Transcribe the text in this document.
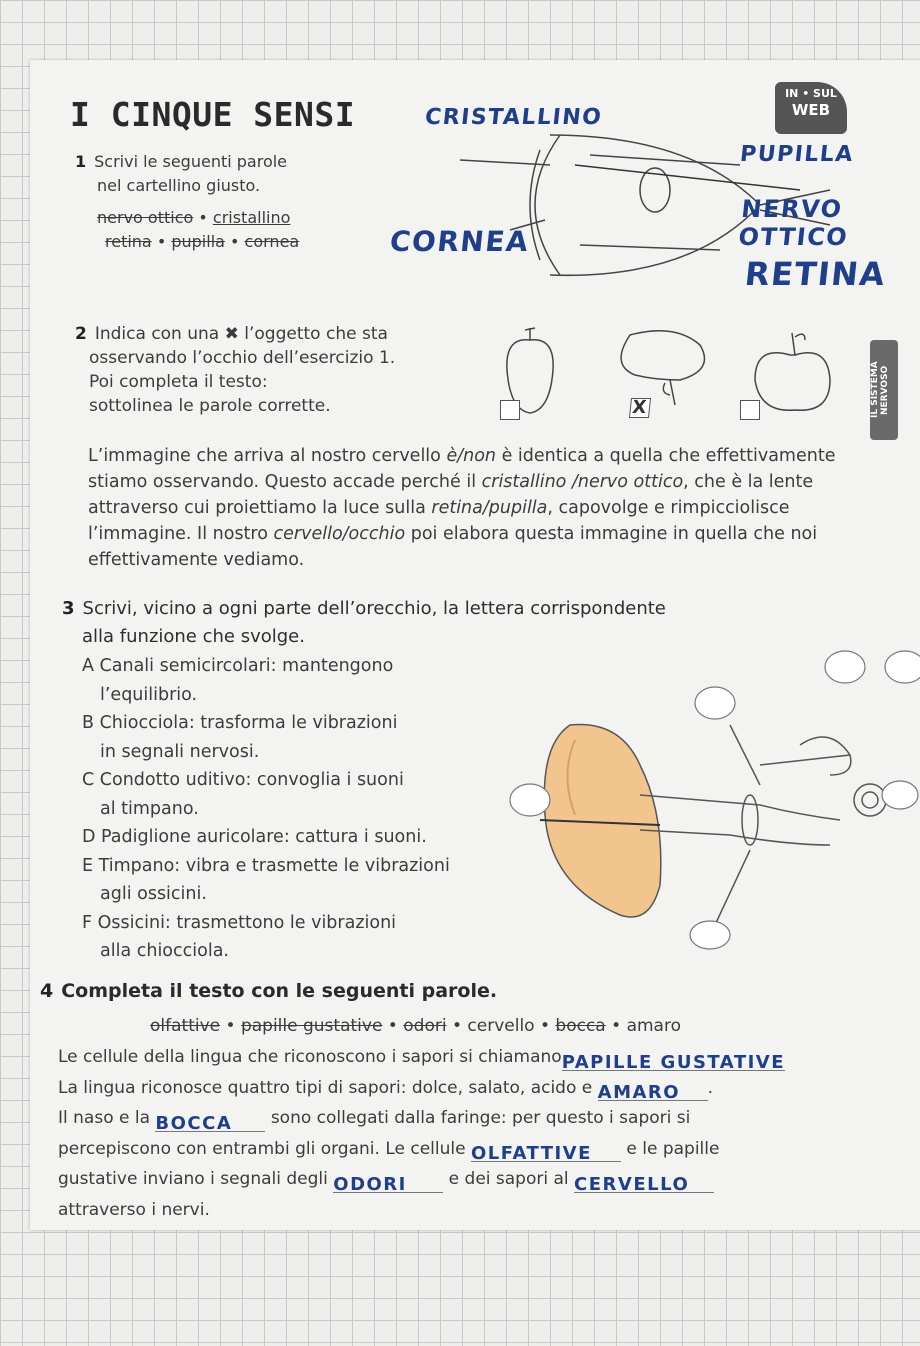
I CINQUE SENSI
IN • SUL
WEB
IL SISTEMA NERVOSO
1 Scrivi le seguenti parole
nel cartellino giusto.
nervo ottico • cristallino
retina • pupilla • cornea
CRISTALLINO
PUPILLA
NERVO OTTICO
CORNEA
RETINA
2 Indica con una ✖ l’oggetto che sta
osservando l’occhio dell’esercizio 1.
Poi completa il testo:
sottolinea le parole corrette.	X
L’immagine che arriva al nostro cervello è/non è identica a quella che effettivamente stiamo osservando. Questo accade perché il cristallino /nervo ottico, che è la lente attraverso cui proiettiamo la luce sulla retina/pupilla, capovolge e rimpicciolisce l’immagine. Il nostro cervello/occhio poi elabora questa immagine in quella che noi effettivamente vediamo.
3 Scrivi, vicino a ogni parte dell’orecchio, la lettera corrispondente
alla funzione che svolge.
A Canali semicircolari: mantengono
l’equilibrio.
B Chiocciola: trasforma le vibrazioni
in segnali nervosi.
C Condotto uditivo: convoglia i suoni
al timpano.
D Padiglione auricolare: cattura i suoni.
E Timpano: vibra e trasmette le vibrazioni
agli ossicini.
F Ossicini: trasmettono le vibrazioni
alla chiocciola.
4 Completa il testo con le seguenti parole.
olfattive • papille gustative • odori • cervello • bocca • amaro
Le cellule della lingua che riconoscono i sapori si chiamanoPAPILLE GUSTATIVE
La lingua riconosce quattro tipi di sapori: dolce, salato, acido e AMARO .
Il naso e la BOCCA sono collegati dalla faringe: per questo i sapori si
percepiscono con entrambi gli organi. Le cellule OLFATTIVE e le papille
gustative inviano i segnali degli ODORI e dei sapori al CERVELLO
attraverso i nervi.
